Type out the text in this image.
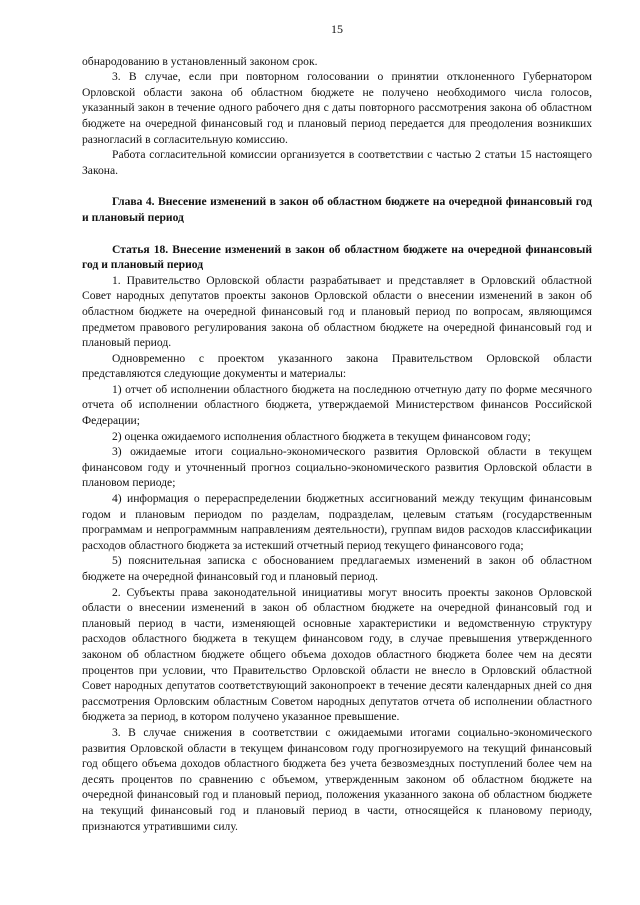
15

обнародованию в установленный законом срок.

3. В случае, если при повторном голосовании о принятии отклоненного Губернатором Орловской области закона об областном бюджете не получено необходимого числа голосов, указанный закон в течение одного рабочего дня с даты повторного рассмотрения закона об областном бюджете на очередной финансовый год и плановый период передается для преодоления возникших разногласий в согласительную комиссию.

Работа согласительной комиссии организуется в соответствии с частью 2 статьи 15 настоящего Закона.

Глава 4. Внесение изменений в закон об областном бюджете на очередной финансовый год и плановый период

Статья 18. Внесение изменений в закон об областном бюджете на очередной финансовый год и плановый период

1. Правительство Орловской области разрабатывает и представляет в Орловский областной Совет народных депутатов проекты законов Орловской области о внесении изменений в закон об областном бюджете на очередной финансовый год и плановый период по вопросам, являющимся предметом правового регулирования закона об областном бюджете на очередной финансовый год и плановый период.

Одновременно с проектом указанного закона Правительством Орловской области представляются следующие документы и материалы:

1) отчет об исполнении областного бюджета на последнюю отчетную дату по форме месячного отчета об исполнении областного бюджета, утверждаемой Министерством финансов Российской Федерации;

2) оценка ожидаемого исполнения областного бюджета в текущем финансовом году;

3) ожидаемые итоги социально-экономического развития Орловской области в текущем финансовом году и уточненный прогноз социально-экономического развития Орловской области в плановом периоде;

4) информация о перераспределении бюджетных ассигнований между текущим финансовым годом и плановым периодом по разделам, подразделам, целевым статьям (государственным программам и непрограммным направлениям деятельности), группам видов расходов классификации расходов областного бюджета за истекший отчетный период текущего финансового года;

5) пояснительная записка с обоснованием предлагаемых изменений в закон об областном бюджете на очередной финансовый год и плановый период.

2. Субъекты права законодательной инициативы могут вносить проекты законов Орловской области о внесении изменений в закон об областном бюджете на очередной финансовый год и плановый период в части, изменяющей основные характеристики и ведомственную структуру расходов областного бюджета в текущем финансовом году, в случае превышения утвержденного законом об областном бюджете общего объема доходов областного бюджета более чем на десяти процентов при условии, что Правительство Орловской области не внесло в Орловский областной Совет народных депутатов соответствующий законопроект в течение десяти календарных дней со дня рассмотрения Орловским областным Советом народных депутатов отчета об исполнении областного бюджета за период, в котором получено указанное превышение.

3. В случае снижения в соответствии с ожидаемыми итогами социально-экономического развития Орловской области в текущем финансовом году прогнозируемого на текущий финансовый год общего объема доходов областного бюджета без учета безвозмездных поступлений более чем на десять процентов по сравнению с объемом, утвержденным законом об областном бюджете на очередной финансовый год и плановый период, положения указанного закона об областном бюджете на текущий финансовый год и плановый период в части, относящейся к плановому периоду, признаются утратившими силу.
